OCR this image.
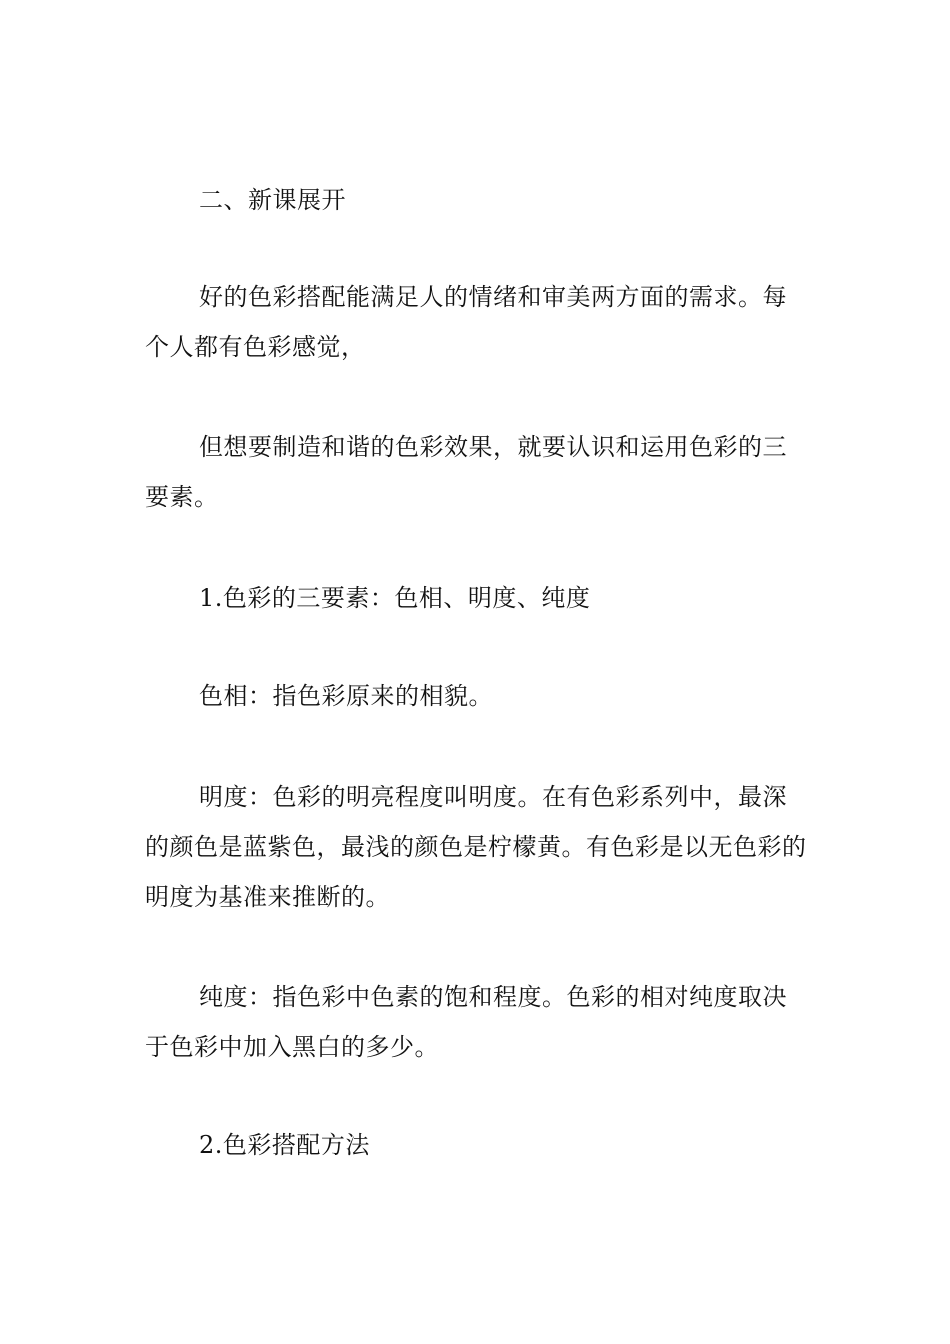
二、新课展开

好的色彩搭配能满足人的情绪和审美两方面的需求。每个人都有色彩感觉，

但想要制造和谐的色彩效果，就要认识和运用色彩的三要素。

1.色彩的三要素：色相、明度、纯度

色相：指色彩原来的相貌。

明度：色彩的明亮程度叫明度。在有色彩系列中，最深的颜色是蓝紫色，最浅的颜色是柠檬黄。有色彩是以无色彩的明度为基准来推断的。

纯度：指色彩中色素的饱和程度。色彩的相对纯度取决于色彩中加入黑白的多少。

2.色彩搭配方法
